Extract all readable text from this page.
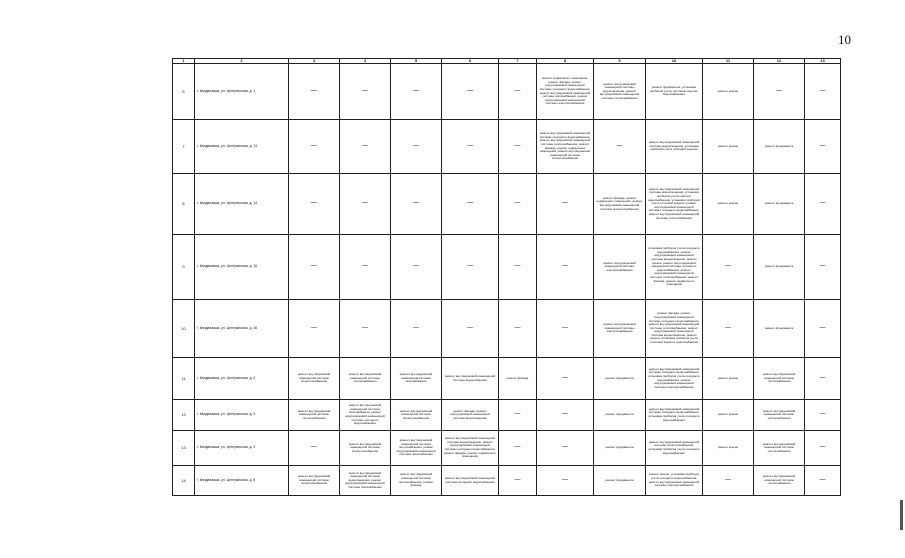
10
1	2	3	4	5	6	7	8	9	10	11	12	13
6	г. Кандалакша, ул. Центральная, д. 1	—	—	—	—	—	ремонт подвального помещения, ремонт фасада, ремонт внутридомовой инженерной системы холодного водоснабжения, ремонт внутридомовой инженерной системы газоснабжения, ремонт внутридомовой инженерной системы электроснабжения	ремонт внутридомовой инженерной системы водоотведения, ремонт внутридомовой инженерной системы теплоснабжения	ремонт фундамента, установка приборов учета тепловой энергии, водоснабжения	ремонт крыши	—	—
7	г. Кандалакша, ул. Центральная, д. 13	—	—	—	—	—	ремонт внутридомовой инженерной системы холодного водоснабжения, ремонт внутридомовой инженерной системы теплоснабжения, ремонт фасада, ремонт подвальных помещений, ремонт внутридомовой инженерной системы электроснабжения	—	ремонт внутридомовой инженерной системы водоотведения, установка приборов учета тепловой энергии	ремонт крыши	ремонт фундамента	—
8	г. Кандалакша, ул. Центральная, д. 14	—	—	—	—	—	—	ремонт фасада, ремонт подвального помещения, ремонт внутридомовой инженерной системы электроснабжения	ремонт внутридомовой инженерной системы водоотведения, установка приборов учета горячего водоснабжения, установка приборов учета тепловой энергии, ремонт внутридомовой инженерной системы холодного водоснабжения, ремонт внутридомовой инженерной системы теплоснабжения	ремонт крыши	ремонт фундамента	—
9	г. Кандалакша, ул. Центральная, д. 15	—	—	—	—	—	—	ремонт внутридомовой инженерной системы электроснабжения	установка приборов учета холодного водоснабжения, ремонт внутридомовой инженерной системы водоотведения, ремонт крыши, ремонт внутридомовой инженерной системы холодного водоснабжения, ремонт внутридомовой инженерной системы теплоснабжения, ремонт фасада, ремонт подвального помещения	—	ремонт фундамента	—
10	г. Кандалакша, ул. Центральная, д. 16	—	—	—	—	—	—	ремонт внутридомовой инженерной системы электроснабжения	ремонт фасада, ремонт внутридомовой инженерной системы холодного водоснабжения, ремонт внутридомовой инженерной системы теплоснабжения, ремонт внутридомовой инженерной системы водоотведения, ремонт крыши, установка приборов учета тепловой энергии, водоснабжения	—	ремонт фундамента	—
11	г. Кандалакша, ул. Центральная, д. 2	ремонт внутридомовой инженерной системы электроснабжения	ремонт внутридомовой инженерной системы теплоснабжения	ремонт внутридомовой инженерной системы газоснабжения	ремонт внутридомовой инженерной системы водоотведения	ремонт фасада	—	ремонт фундамента	ремонт внутридомовой инженерной системы холодного водоснабжения, установка приборов учета холодного водоснабжения, ремонт внутридомовой инженерной системы электроснабжения	ремонт крыши	ремонт внутридомовой инженерной системы теплоснабжения	—
12	г. Кандалакша, ул. Центральная, д. 3	ремонт внутридомовой инженерной системы теплоснабжения	ремонт внутридомовой инженерной системы газоснабжения, ремонт внутридомовой инженерной системы холодного водоснабжения	ремонт внутридомовой инженерной системы электроснабжения	ремонт фасада, ремонт внутридомовой инженерной системы водоотведения	—	—	ремонт фундамента	ремонт внутридомовой инженерной системы холодного водоснабжения, установка приборов учета холодного водоснабжения	ремонт крыши	ремонт внутридомовой инженерной системы теплоснабжения	—
13	г. Кандалакша, ул. Центральная, д. 4	—	ремонт внутридомовой инженерной системы электроснабжения	ремонт внутридомовой инженерной системы теплоснабжения, ремонт внутридомовой инженерной системы газоснабжения	ремонт внутридомовой инженерной системы водоотведения, ремонт внутридомовой инженерной системы холодного водоснабжения, ремонт фасада, ремонт подвального помещения	—	—	ремонт фундамента	ремонт внутридомовой инженерной системы электроснабжения, установка приборов учета холодного водоснабжения	ремонт крыши	ремонт внутридомовой инженерной системы теплоснабжения	—
14	г. Кандалакша, ул. Центральная, д. 5	ремонт внутридомовой инженерной системы электроснабжения	ремонт внутридомовой инженерной системы водоотведения, ремонт внутридомовой инженерной системы газоснабжения	ремонт внутридомовой инженерной системы теплоснабжения, ремонт фасада	ремонт внутридомовой инженерной системы холодного водоснабжения	—	—	ремонт фундамента	ремонт крыши, установка приборов учета холодного водоснабжения, ремонт внутридомовой инженерной системы электроснабжения	—	ремонт внутридомовой инженерной системы теплоснабжения	—
